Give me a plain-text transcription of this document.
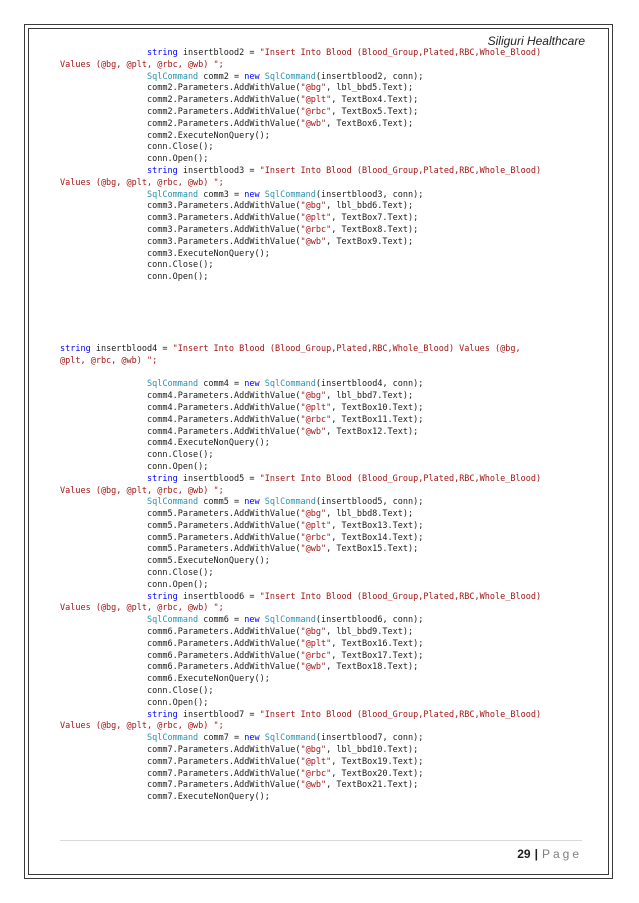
Siliguri Healthcare
string insertblood2 = "Insert Into Blood (Blood_Group,Plated,RBC,Whole_Blood)
Values (@bg, @plt, @rbc, @wb) ";
SqlCommand comm2 = new SqlCommand(insertblood2, conn);
comm2.Parameters.AddWithValue("@bg", lbl_bbd5.Text);
comm2.Parameters.AddWithValue("@plt", TextBox4.Text);
comm2.Parameters.AddWithValue("@rbc", TextBox5.Text);
comm2.Parameters.AddWithValue("@wb", TextBox6.Text);
comm2.ExecuteNonQuery();
conn.Close();
conn.Open();
string insertblood3 = "Insert Into Blood (Blood_Group,Plated,RBC,Whole_Blood)
Values (@bg, @plt, @rbc, @wb) ";
SqlCommand comm3 = new SqlCommand(insertblood3, conn);
comm3.Parameters.AddWithValue("@bg", lbl_bbd6.Text);
comm3.Parameters.AddWithValue("@plt", TextBox7.Text);
comm3.Parameters.AddWithValue("@rbc", TextBox8.Text);
comm3.Parameters.AddWithValue("@wb", TextBox9.Text);
comm3.ExecuteNonQuery();
conn.Close();
conn.Open();
string insertblood4 = "Insert Into Blood (Blood_Group,Plated,RBC,Whole_Blood) Values (@bg,
@plt, @rbc, @wb) ";
SqlCommand comm4 = new SqlCommand(insertblood4, conn);
comm4.Parameters.AddWithValue("@bg", lbl_bbd7.Text);
comm4.Parameters.AddWithValue("@plt", TextBox10.Text);
comm4.Parameters.AddWithValue("@rbc", TextBox11.Text);
comm4.Parameters.AddWithValue("@wb", TextBox12.Text);
comm4.ExecuteNonQuery();
conn.Close();
conn.Open();
string insertblood5 = "Insert Into Blood (Blood_Group,Plated,RBC,Whole_Blood)
Values (@bg, @plt, @rbc, @wb) ";
SqlCommand comm5 = new SqlCommand(insertblood5, conn);
comm5.Parameters.AddWithValue("@bg", lbl_bbd8.Text);
comm5.Parameters.AddWithValue("@plt", TextBox13.Text);
comm5.Parameters.AddWithValue("@rbc", TextBox14.Text);
comm5.Parameters.AddWithValue("@wb", TextBox15.Text);
comm5.ExecuteNonQuery();
conn.Close();
conn.Open();
string insertblood6 = "Insert Into Blood (Blood_Group,Plated,RBC,Whole_Blood)
Values (@bg, @plt, @rbc, @wb) ";
SqlCommand comm6 = new SqlCommand(insertblood6, conn);
comm6.Parameters.AddWithValue("@bg", lbl_bbd9.Text);
comm6.Parameters.AddWithValue("@plt", TextBox16.Text);
comm6.Parameters.AddWithValue("@rbc", TextBox17.Text);
comm6.Parameters.AddWithValue("@wb", TextBox18.Text);
comm6.ExecuteNonQuery();
conn.Close();
conn.Open();
string insertblood7 = "Insert Into Blood (Blood_Group,Plated,RBC,Whole_Blood)
Values (@bg, @plt, @rbc, @wb) ";
SqlCommand comm7 = new SqlCommand(insertblood7, conn);
comm7.Parameters.AddWithValue("@bg", lbl_bbd10.Text);
comm7.Parameters.AddWithValue("@plt", TextBox19.Text);
comm7.Parameters.AddWithValue("@rbc", TextBox20.Text);
comm7.Parameters.AddWithValue("@wb", TextBox21.Text);
comm7.ExecuteNonQuery();
29 | Page
